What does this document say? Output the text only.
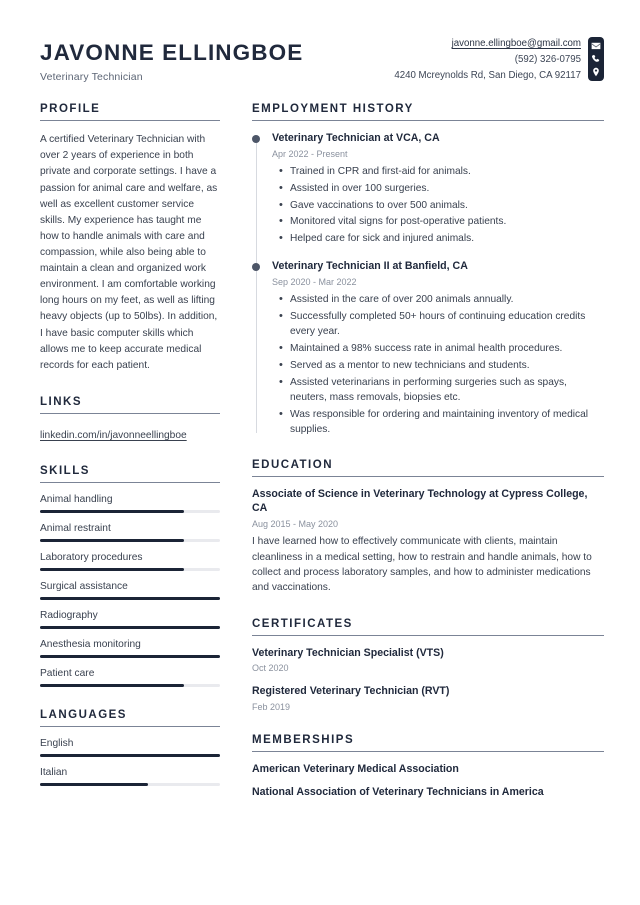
JAVONNE ELLINGBOE
Veterinary Technician
javonne.ellingboe@gmail.com
(592) 326-0795
4240 Mcreynolds Rd, San Diego, CA 92117
PROFILE
A certified Veterinary Technician with over 2 years of experience in both private and corporate settings. I have a passion for animal care and welfare, as well as excellent customer service skills. My experience has taught me how to handle animals with care and compassion, while also being able to maintain a clean and organized work environment. I am comfortable working long hours on my feet, as well as lifting heavy objects (up to 50lbs). In addition, I have basic computer skills which allows me to keep accurate medical records for each patient.
LINKS
linkedin.com/in/javonneellingboe
SKILLS
Animal handling
Animal restraint
Laboratory procedures
Surgical assistance
Radiography
Anesthesia monitoring
Patient care
LANGUAGES
English
Italian
EMPLOYMENT HISTORY
Veterinary Technician at VCA, CA
Apr 2022 - Present
• Trained in CPR and first-aid for animals.
• Assisted in over 100 surgeries.
• Gave vaccinations to over 500 animals.
• Monitored vital signs for post-operative patients.
• Helped care for sick and injured animals.
Veterinary Technician II at Banfield, CA
Sep 2020 - Mar 2022
• Assisted in the care of over 200 animals annually.
• Successfully completed 50+ hours of continuing education credits every year.
• Maintained a 98% success rate in animal health procedures.
• Served as a mentor to new technicians and students.
• Assisted veterinarians in performing surgeries such as spays, neuters, mass removals, biopsies etc.
• Was responsible for ordering and maintaining inventory of medical supplies.
EDUCATION
Associate of Science in Veterinary Technology at Cypress College, CA
Aug 2015 - May 2020
I have learned how to effectively communicate with clients, maintain cleanliness in a medical setting, how to restrain and handle animals, how to collect and process laboratory samples, and how to administer medications and vaccinations.
CERTIFICATES
Veterinary Technician Specialist (VTS)
Oct 2020
Registered Veterinary Technician (RVT)
Feb 2019
MEMBERSHIPS
American Veterinary Medical Association
National Association of Veterinary Technicians in America
